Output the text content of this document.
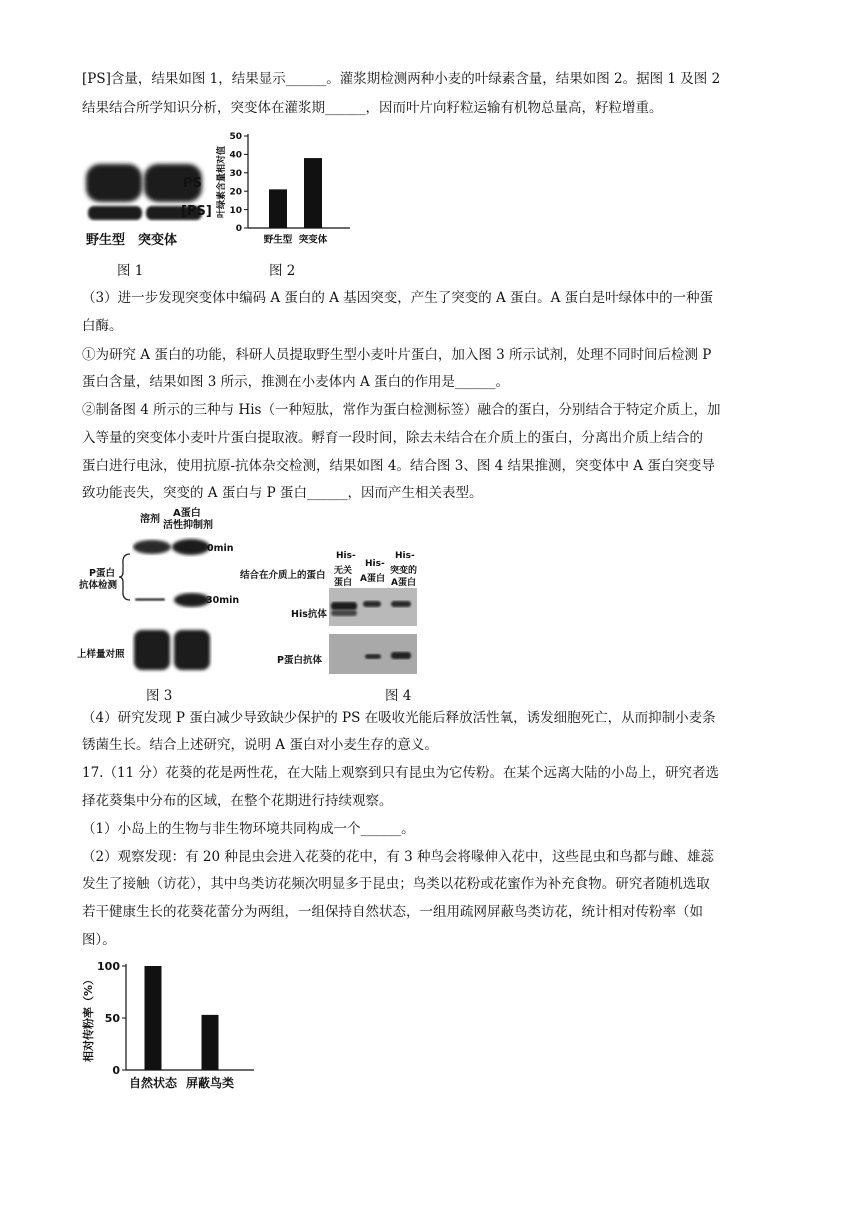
[PS]含量，结果如图 1，结果显示______。灌浆期检测两种小麦的叶绿素含量，结果如图 2。据图 1 及图 2
结果结合所学知识分析，突变体在灌浆期______，因而叶片向籽粒运输有机物总量高，籽粒增重。
PS
[PS]
野生型 突变体
图 1
0
10
20
30
40
50
野生型 突变体
叶绿素含量相对值
图 2
（3）进一步发现突变体中编码 A 蛋白的 A 基因突变，产生了突变的 A 蛋白。A 蛋白是叶绿体中的一种蛋
白酶。
①为研究 A 蛋白的功能，科研人员提取野生型小麦叶片蛋白，加入图 3 所示试剂，处理不同时间后检测 P
蛋白含量，结果如图 3 所示，推测在小麦体内 A 蛋白的作用是______。
②制备图 4 所示的三种与 His（一种短肽，常作为蛋白检测标签）融合的蛋白，分别结合于特定介质上，加
入等量的突变体小麦叶片蛋白提取液。孵育一段时间，除去未结合在介质上的蛋白，分离出介质上结合的
蛋白进行电泳，使用抗原-抗体杂交检测，结果如图 4。结合图 3、图 4 结果推测，突变体中 A 蛋白突变导
致功能丧失，突变的 A 蛋白与 P 蛋白______，因而产生相关表型。
溶剂
A蛋白
活性抑制剂
P蛋白
抗体检测
0min
30min
上样量对照
图 3
结合在介质上的蛋白
His-
无关
蛋白
His-
A蛋白
His-
突变的
A蛋白
His抗体
P蛋白抗体
图 4
（4）研究发现 P 蛋白减少导致缺少保护的 PS 在吸收光能后释放活性氧，诱发细胞死亡，从而抑制小麦条
锈菌生长。结合上述研究，说明 A 蛋白对小麦生存的意义。
17.（11 分）花葵的花是两性花，在大陆上观察到只有昆虫为它传粉。在某个远离大陆的小岛上，研究者选
择花葵集中分布的区域，在整个花期进行持续观察。
（1）小岛上的生物与非生物环境共同构成一个______。
（2）观察发现：有 20 种昆虫会进入花葵的花中，有 3 种鸟会将喙伸入花中，这些昆虫和鸟都与雌、雄蕊
发生了接触（访花），其中鸟类访花频次明显多于昆虫；鸟类以花粉或花蜜作为补充食物。研究者随机选取
若干健康生长的花葵花蕾分为两组，一组保持自然状态，一组用疏网屏蔽鸟类访花，统计相对传粉率（如
图）。
0
50
100
自然状态 屏蔽鸟类
相对传粉率（%）
